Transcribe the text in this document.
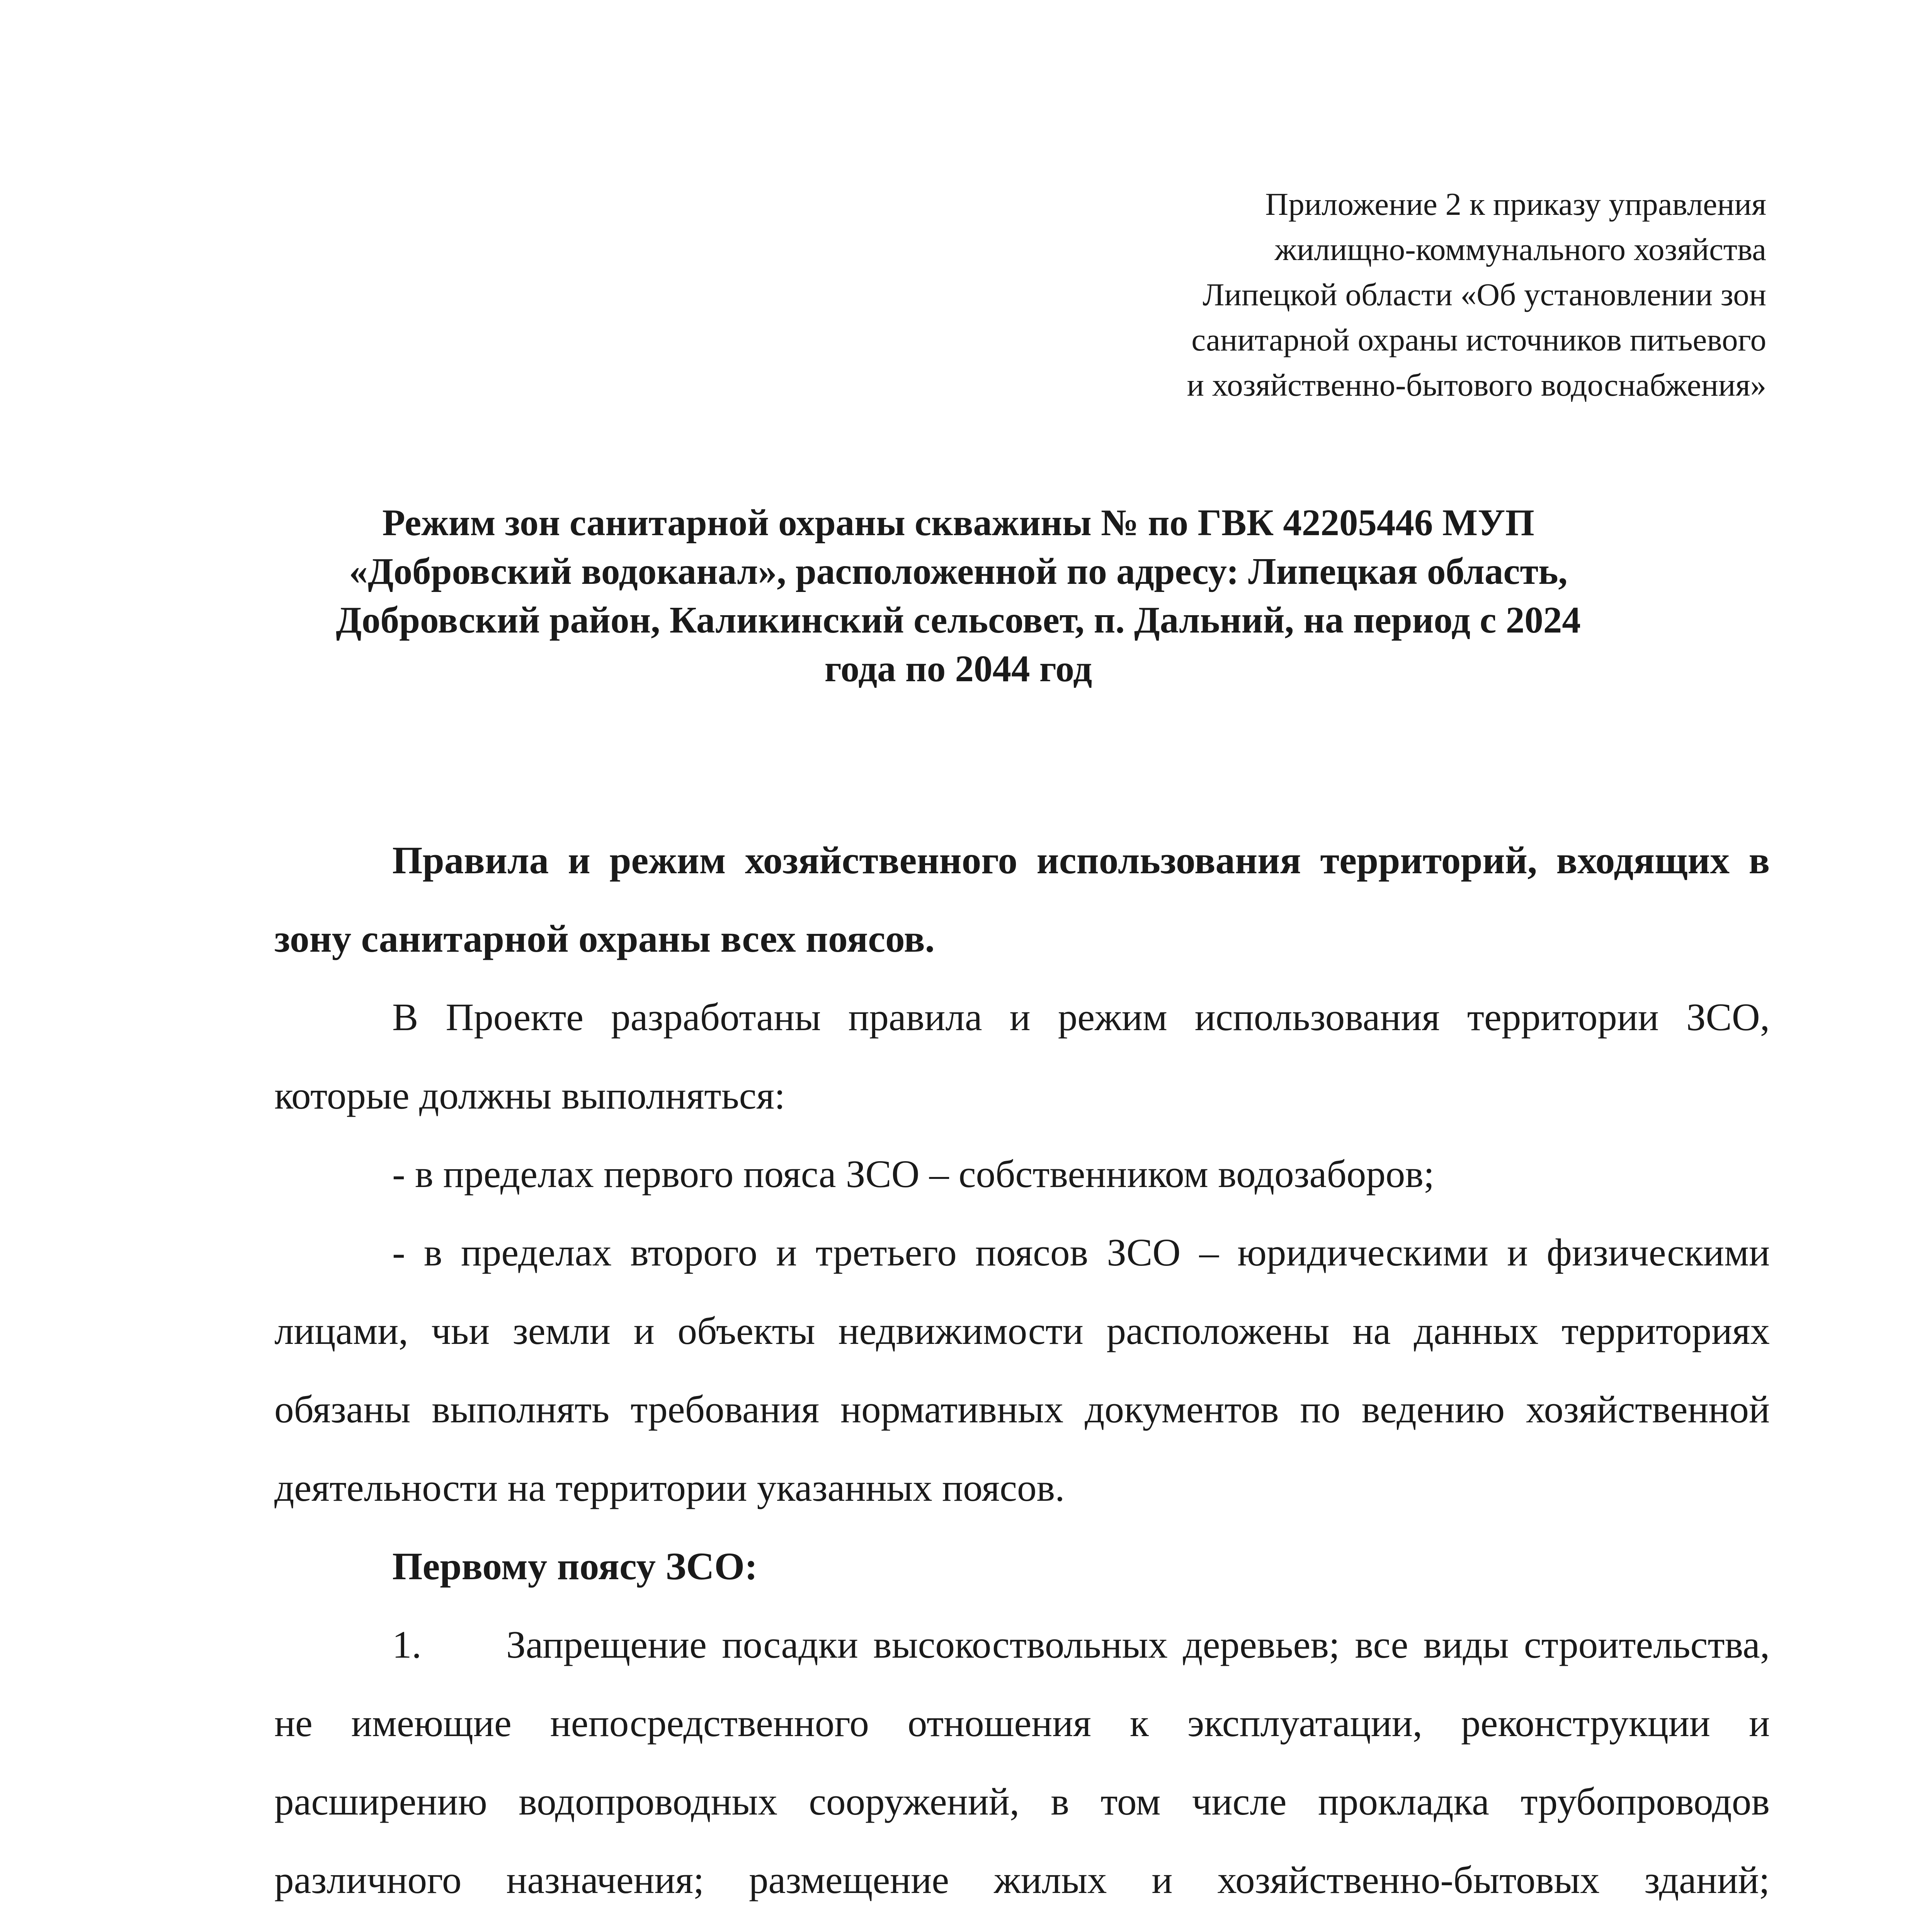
Приложение 2 к приказу управления
жилищно-коммунального хозяйства
Липецкой области «Об установлении зон
санитарной охраны источников питьевого
и хозяйственно-бытового водоснабжения»
Режим зон санитарной охраны скважины № по ГВК 42205446 МУП
«Добровский водоканал», расположенной по адресу: Липецкая область,
Добровский район, Каликинский сельсовет, п. Дальний, на период с 2024
года по 2044 год

Правила и режим хозяйственного использования территорий, входящих в зону санитарной охраны всех поясов.

В Проекте разработаны правила и режим использования территории ЗСО, которые должны выполняться:

- в пределах первого пояса ЗСО – собственником водозаборов;

- в пределах второго и третьего поясов ЗСО – юридическими и физическими лицами, чьи земли и объекты недвижимости расположены на данных территориях обязаны выполнять требования нормативных документов по ведению хозяйственной деятельности на территории указанных поясов.

Первому поясу ЗСО:

1. Запрещение посадки высокоствольных деревьев; все виды строительства, не имеющие непосредственного отношения к эксплуатации, реконструкции и расширению водопроводных сооружений, в том числе прокладка трубопроводов различного назначения; размещение жилых и хозяйственно-бытовых зданий;
